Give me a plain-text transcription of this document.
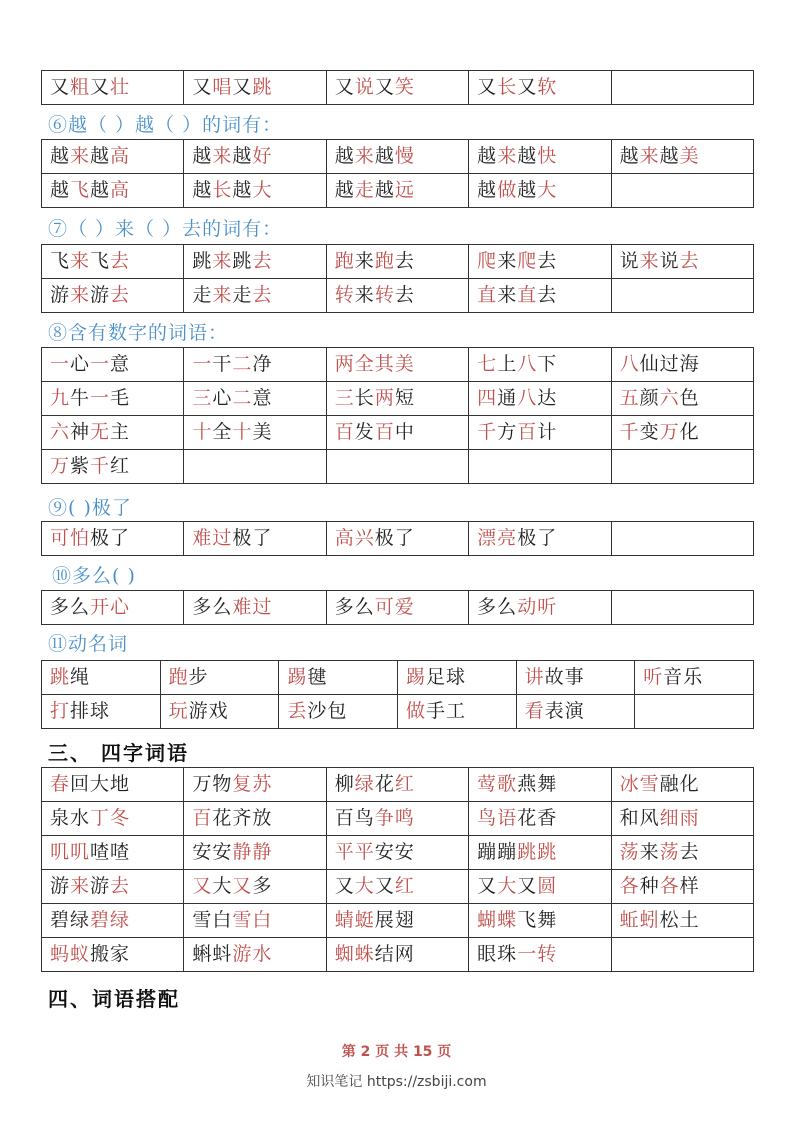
又粗又壮	又唱又跳	又说又笑	又长又软	
⑥越（ ）越（ ）的词有：
越来越高	越来越好	越来越慢	越来越快	越来越美
越飞越高	越长越大	越走越远	越做越大	
⑦（ ）来（ ）去的词有：
飞来飞去	跳来跳去	跑来跑去	爬来爬去	说来说去
游来游去	走来走去	转来转去	直来直去	
⑧含有数字的词语：
一心一意	一干二净	两全其美	七上八下	八仙过海
九牛一毛	三心二意	三长两短	四通八达	五颜六色
六神无主	十全十美	百发百中	千方百计	千变万化
万紫千红				
⑨( )极了
可怕极了	难过极了	高兴极了	漂亮极了	
⑩多么( )
多么开心	多么难过	多么可爱	多么动听	
⑪动名词
跳绳	跑步	踢毽	踢足球	讲故事	听音乐
打排球	玩游戏	丢沙包	做手工	看表演	
三、 四字词语
春回大地	万物复苏	柳绿花红	莺歌燕舞	冰雪融化
泉水丁冬	百花齐放	百鸟争鸣	鸟语花香	和风细雨
叽叽喳喳	安安静静	平平安安	蹦蹦跳跳	荡来荡去
游来游去	又大又多	又大又红	又大又圆	各种各样
碧绿碧绿	雪白雪白	蜻蜓展翅	蝴蝶飞舞	蚯蚓松土
蚂蚁搬家	蝌蚪游水	蜘蛛结网	眼珠一转	
四、词语搭配
第 2 页 共 15 页
知识笔记 https://zsbiji.com
